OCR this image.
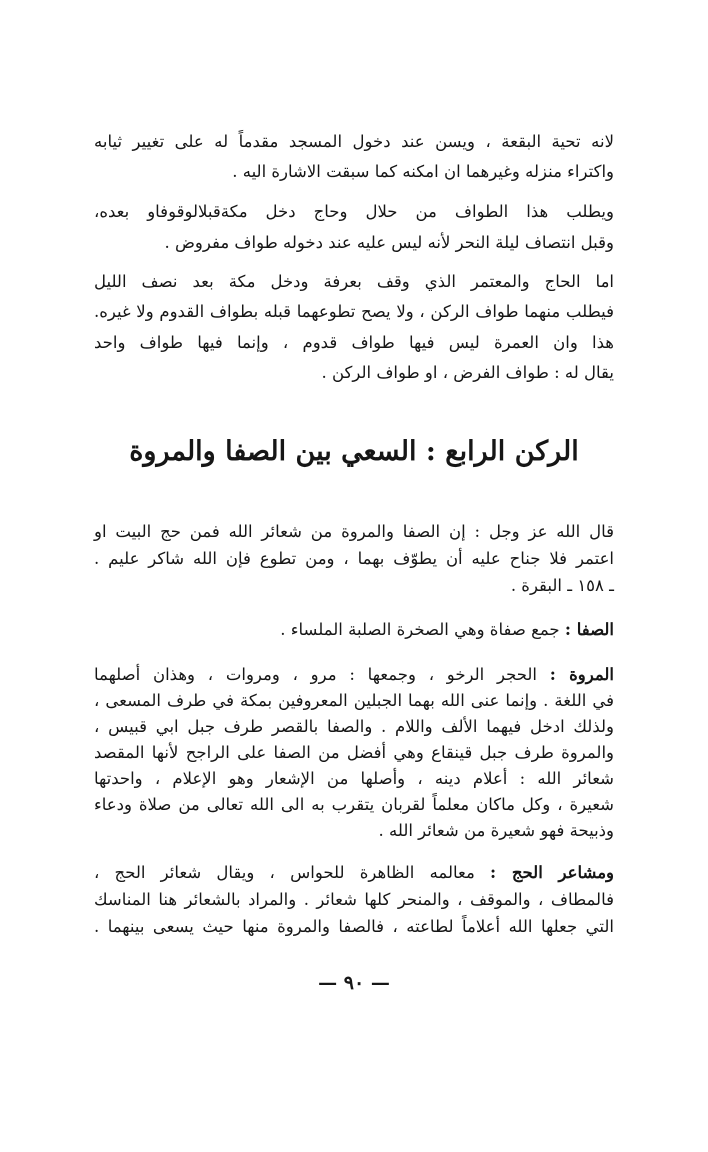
لانه تحية البقعة ، ويسن عند دخول المسجد مقدماً له على تغيير ثيابه
واكتراء منزله وغيرهما ان امكنه كما سبقت الاشارة اليه .
ويطلب هذا الطواف من حلال وحاج دخل مكةقبلالوقوفاو بعده،
وقبل انتصاف ليلة النحر لأنه ليس عليه عند دخوله طواف مفروض .
اما الحاج والمعتمر الذي وقف بعرفة ودخل مكة بعد نصف الليل
فيطلب منهما طواف الركن ، ولا يصح تطوعهما قبله بطواف القدوم ولا غيره.
هذا وان العمرة ليس فيها طواف قدوم ، وإنما فيها طواف واحد
يقال له : طواف الفرض ، او طواف الركن .
الركن الرابع : السعي بين الصفا والمروة
قال الله عز وجل : إن الصفا والمروة من شعائر الله فمن حج البيت او
اعتمر فلا جناح عليه أن يطوّف بهما ، ومن تطوع فإن الله شاكر عليم .
ـ ١٥٨ ـ البقرة .
الصفا : جمع صفاة وهي الصخرة الصلبة الملساء .
المروة : الحجر الرخو ، وجمعها : مرو ، ومروات ، وهذان أصلهما
في اللغة . وإنما عنى الله بهما الجبلين المعروفين بمكة في طرف المسعى ،
ولذلك ادخل فيهما الألف واللام . والصفا بالقصر طرف جبل ابي قبيس ،
والمروة طرف جبل قينقاع وهي أفضل من الصفا على الراجح لأنها المقصد
شعائر الله : أعلام دينه ، وأصلها من الإشعار وهو الإعلام ، واحدتها
شعيرة ، وكل ماكان معلماً لقربان يتقرب به الى الله تعالى من صلاة ودعاء
وذبيحة فهو شعيرة من شعائر الله .
ومشاعر الحج : معالمه الظاهرة للحواس ، ويقال شعائر الحج ،
فالمطاف ، والموقف ، والمنحر كلها شعائر . والمراد بالشعائر هنا المناسك
التي جعلها الله أعلاماً لطاعته ، فالصفا والمروة منها حيث يسعى بينهما .
— ٩٠ —
